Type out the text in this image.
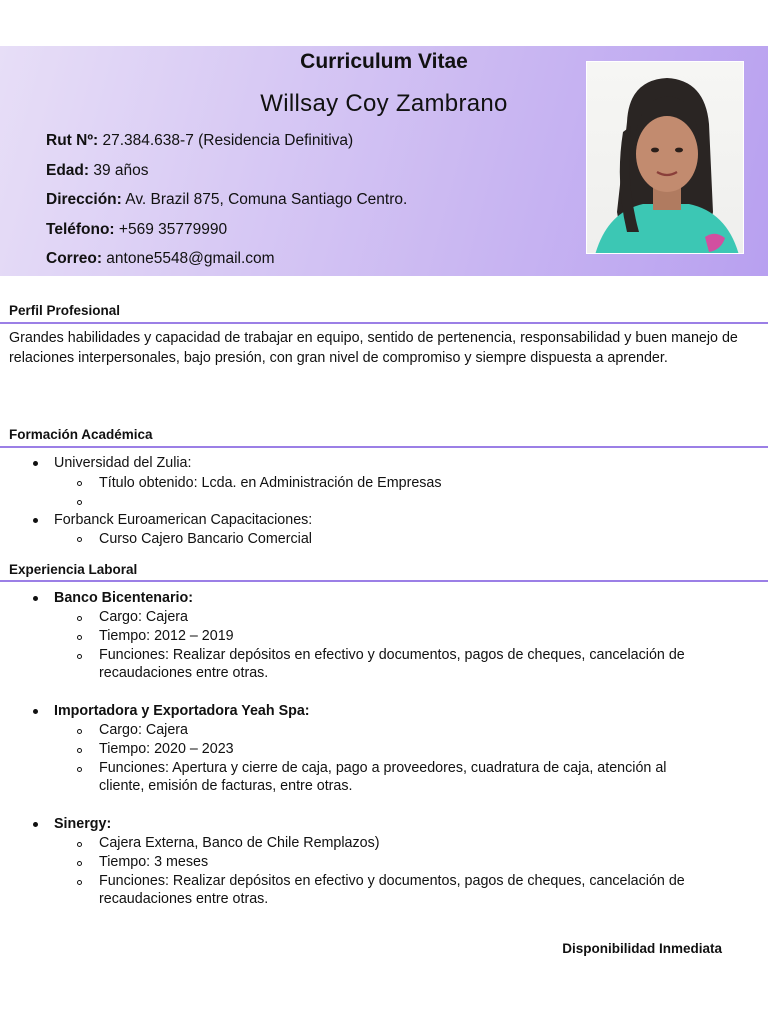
Curriculum Vitae
Willsay Coy Zambrano
Rut Nº: 27.384.638-7 (Residencia Definitiva)
Edad: 39 años
Dirección: Av. Brazil 875, Comuna Santiago Centro.
Teléfono: +569 35779990
Correo: antone5548@gmail.com
Perfil Profesional
Grandes habilidades y capacidad de trabajar en equipo, sentido de pertenencia, responsabilidad y buen manejo de relaciones interpersonales, bajo presión, con gran nivel de compromiso y siempre dispuesta a aprender.
Formación Académica
Universidad del Zulia:
Título obtenido: Lcda. en Administración de Empresas
Forbanck Euroamerican Capacitaciones:
Curso Cajero Bancario Comercial
Experiencia Laboral
Banco Bicentenario:
Cargo: Cajera
Tiempo: 2012 – 2019
Funciones: Realizar depósitos en efectivo y documentos, pagos de cheques, cancelación de
recaudaciones entre otras.
Importadora y Exportadora Yeah Spa:
Cargo: Cajera
Tiempo: 2020 – 2023
Funciones: Apertura y cierre de caja, pago a proveedores, cuadratura de caja, atención al
cliente, emisión de facturas, entre otras.
Sinergy:
Cajera Externa, Banco de Chile Remplazos)
Tiempo: 3 meses
Funciones: Realizar depósitos en efectivo y documentos, pagos de cheques, cancelación de
recaudaciones entre otras.
Disponibilidad Inmediata
